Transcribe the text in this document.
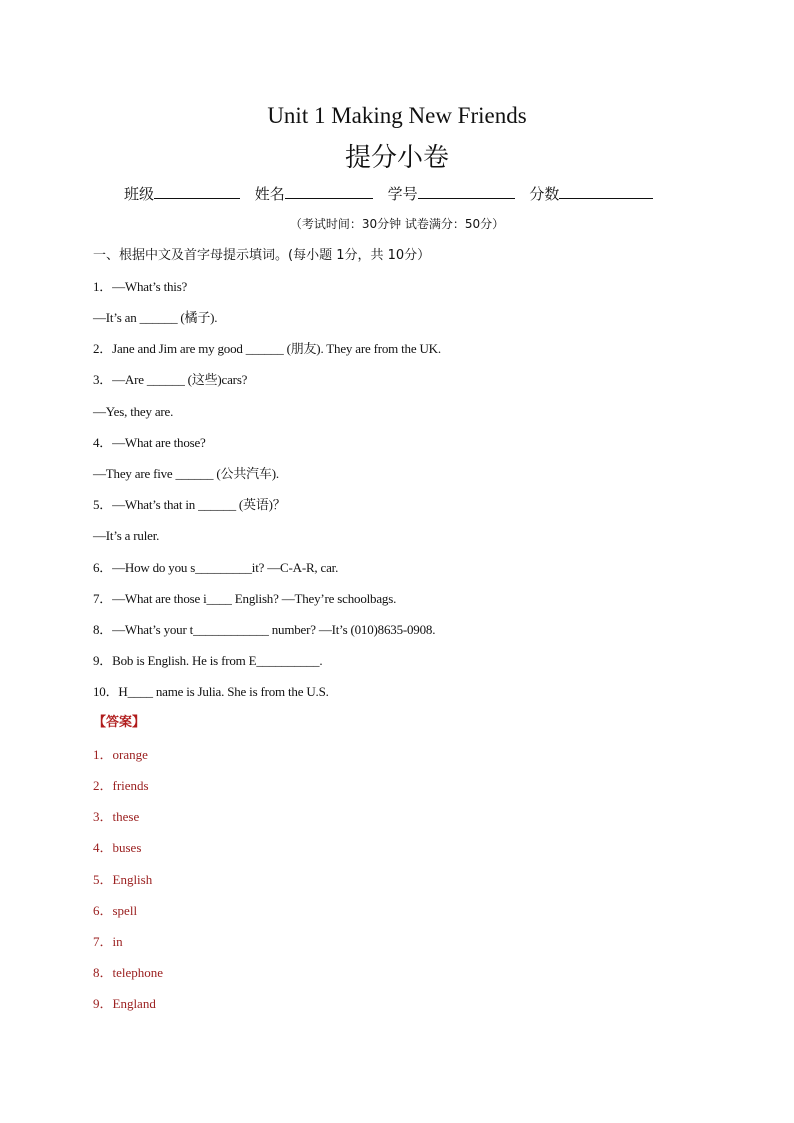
Unit 1 Making New Friends
提分小卷
班级	姓名	学号	分数
（考试时间：30分钟 试卷满分：50分）
一、根据中文及首字母提示填词。(每小题 1分，共 10分）
1．—What’s this?
—It’s an ______ (橘子).
2．Jane and Jim are my good ______ (朋友). They are from the UK.
3．—Are ______ (这些)cars?
—Yes, they are.
4．—What are those?
—They are five ______ (公共汽车).
5．—What’s that in ______ (英语)？
—It’s a ruler.
6．—How do you s_________it? —C-A-R, car.
7．—What are those i____ English? —They’re schoolbags.
8．—What’s your t____________ number? —It’s (010)8635-0908.
9．Bob is English. He is from E__________.
10．H____ name is Julia. She is from the U.S.
【答案】
1．orange
2．friends
3．these
4．buses
5．English
6．spell
7．in
8．telephone
9．England
